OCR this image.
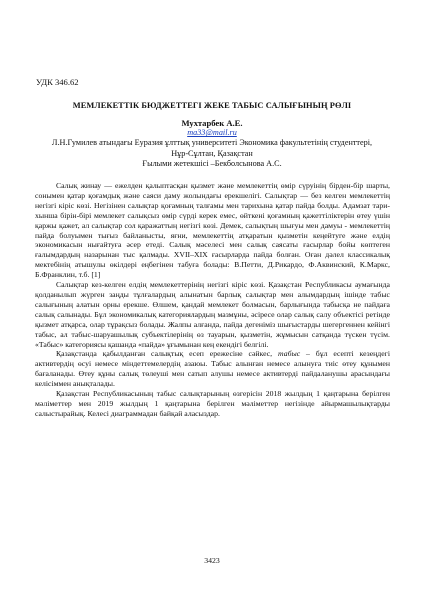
УДК 346.62
МЕМЛЕКЕТТІК БЮДЖЕТТЕГІ ЖЕКЕ ТАБЫС САЛЫҒЫНЫҢ РӨЛІ
Мухтарбек А.Е.
ma33@mail.ru
Л.Н.Гумилев атындағы Еуразия ұлттық университеті Экономика факультетінің студенттері,
Нұр-Сұлтан, Қазақстан
Ғылыми жетекшісі –Бекболсынова А.С.

Салық жинау — ежелден қалыптасқан қызмет және мемлекеттің өмір сүруінің бірден-бір шарты, сонымен қатар қоғамдық және саяси даму жолындағы ерекшелігі. Салықтар — без келген мемлекеттің негізгі кіріс көзі. Негізінен салықтар қоғамның талғамы мен тарихына қатар пайда болды. Адамзат тари- хынша бірін-бірі мемлекет салықсыз өмір сүрді керек емес, өйткені қоғамның қажеттіліктерін өтеу үшін қаржы қажет, ал салықтар сол қаражаттың негізгі көзі. Демек, салықтың шығуы мен дамуы - мемлекеттің пайда болуымен тығыз байланысты, яғни, мемлекеттің атқаратын қызметін кеңейтуге және елдің экономикасын нығайтуға әсер етеді. Салық мәселесі мен салық саясаты ғасырлар бойы көптеген ғалымдардың назарынан тыс қалмады. XVII–XIX ғасырларда пайда болған. Оған дәлел классикалық мектебінің атышулы өкілдері еңбегінен табуға болады: В.Петти, Д.Рикардо, Ф.Аквинский, К.Маркс, Б.Франклин, т.б. [1]

Салықтар кез-келген елдің мемлекеттерінің негізгі кіріс көзі. Қазақстан Республикасы аумағында қолданылып жүрген заңды тұлғалардың алынатын барлық салықтар мен алымдардың ішінде табыс салығының алатын орны ерекше. Өлшем, қандай мемлекет болмасын, барлығында табысқа не пайдаға салық салынады. Бұл экономикалық категориялардың мазмұны, әсіресе олар салық салу объектісі ретінде қызмет атқарса, олар тұрақсыз болады. Жалпы алғанда, пайда дегеніміз шығыстарды шегергеннен кейінгі табыс, ал табыс-шаруашылық субъектілерінің өз тауарын, қызметін, жұмысын сатқанда түскен түсім. «Табыс» категориясы қашанда «пайда» ұғымынан кең екендігі белгілі.

Қазақстанда қабылданған салықтық есеп ережесіне сәйкес, табыс – бұл есепті кезеңдегі активтердің өсуі немесе міндеттемелердің азаюы. Табыс алынған немесе алынуға тиіс өтеу құнымен бағаланады. Өтеу құны салық төлеуші мен сатып алушы немесе активтерді пайдаланушы арасындағы келісіммен анықталады.

Қазақстан Республикасының табыс салықтарының өзгерісін 2018 жылдың 1 қаңтарына берілген мәліметтер мен 2019 жылдың 1 қаңтарына берілген мәліметтер негізінде айырмашылықтарды салыстырайық. Келесі диаграммадан байқай аласыздар.

3423
